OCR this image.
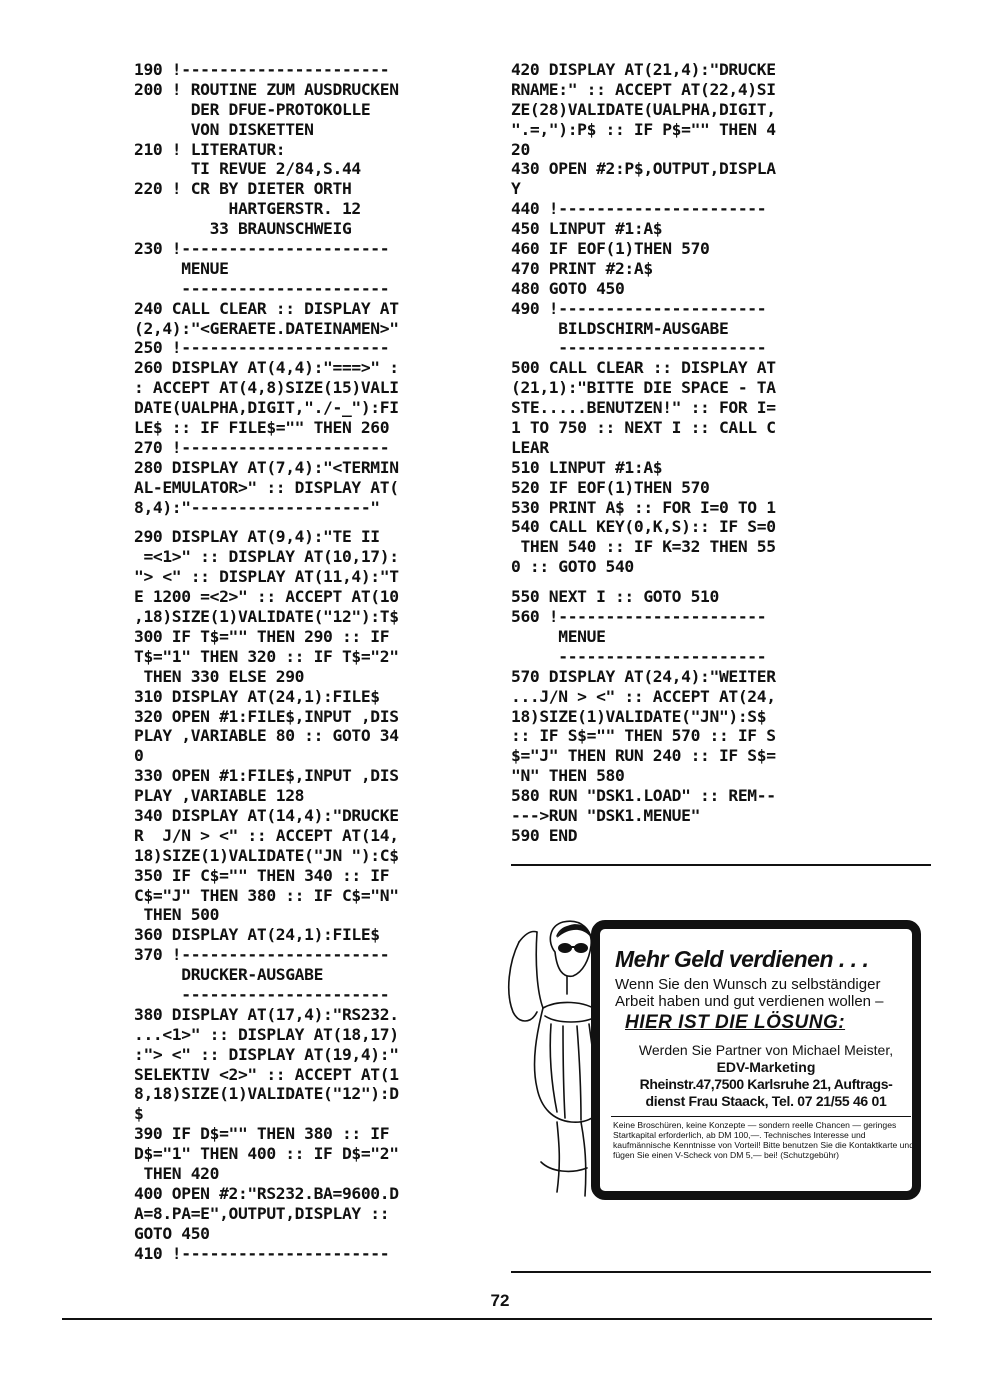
190 !----------------------
200 ! ROUTINE ZUM AUSDRUCKEN
DER DFUE-PROTOKOLLE
VON DISKETTEN
210 ! LITERATUR:
TI REVUE 2/84,S.44
220 ! CR BY DIETER ORTH
HARTGERSTR. 12
33 BRAUNSCHWEIG
230 !----------------------
MENUE
----------------------
240 CALL CLEAR :: DISPLAY AT
(2,4):"<GERAETE.DATEINAMEN>"
250 !----------------------
260 DISPLAY AT(4,4):"===>" :
: ACCEPT AT(4,8)SIZE(15)VALI
DATE(UALPHA,DIGIT,"./-_"):FI
LE$ :: IF FILE$="" THEN 260
270 !----------------------
280 DISPLAY AT(7,4):"<TERMIN
AL-EMULATOR>" :: DISPLAY AT(
8,4):"-------------------"
290 DISPLAY AT(9,4):"TE II
=<1>" :: DISPLAY AT(10,17):
"> <" :: DISPLAY AT(11,4):"T
E 1200 =<2>" :: ACCEPT AT(10
,18)SIZE(1)VALIDATE("12"):T$
300 IF T$="" THEN 290 :: IF
T$="1" THEN 320 :: IF T$="2"
THEN 330 ELSE 290
310 DISPLAY AT(24,1):FILE$
320 OPEN #1:FILE$,INPUT ,DIS
PLAY ,VARIABLE 80 :: GOTO 34
0
330 OPEN #1:FILE$,INPUT ,DIS
PLAY ,VARIABLE 128
340 DISPLAY AT(14,4):"DRUCKE
R  J/N > <" :: ACCEPT AT(14,
18)SIZE(1)VALIDATE("JN "):C$
350 IF C$="" THEN 340 :: IF
C$="J" THEN 380 :: IF C$="N"
THEN 500
360 DISPLAY AT(24,1):FILE$
370 !----------------------
DRUCKER-AUSGABE
----------------------
380 DISPLAY AT(17,4):"RS232.
...<1>" :: DISPLAY AT(18,17)
:"> <" :: DISPLAY AT(19,4):"
SELEKTIV <2>" :: ACCEPT AT(1
8,18)SIZE(1)VALIDATE("12"):D
$
390 IF D$="" THEN 380 :: IF
D$="1" THEN 400 :: IF D$="2"
THEN 420
400 OPEN #2:"RS232.BA=9600.D
A=8.PA=E",OUTPUT,DISPLAY ::
GOTO 450
410 !----------------------
420 DISPLAY AT(21,4):"DRUCKE
RNAME:" :: ACCEPT AT(22,4)SI
ZE(28)VALIDATE(UALPHA,DIGIT,
".=,"):P$ :: IF P$="" THEN 4
20
430 OPEN #2:P$,OUTPUT,DISPLA
Y
440 !----------------------
450 LINPUT #1:A$
460 IF EOF(1)THEN 570
470 PRINT #2:A$
480 GOTO 450
490 !----------------------
BILDSCHIRM-AUSGABE
----------------------
500 CALL CLEAR :: DISPLAY AT
(21,1):"BITTE DIE SPACE - TA
STE.....BENUTZEN!" :: FOR I=
1 TO 750 :: NEXT I :: CALL C
LEAR
510 LINPUT #1:A$
520 IF EOF(1)THEN 570
530 PRINT A$ :: FOR I=0 TO 1
540 CALL KEY(0,K,S):: IF S=0
THEN 540 :: IF K=32 THEN 55
0 :: GOTO 540
550 NEXT I :: GOTO 510
560 !----------------------
MENUE
----------------------
570 DISPLAY AT(24,4):"WEITER
...J/N > <" :: ACCEPT AT(24,
18)SIZE(1)VALIDATE("JN"):S$
:: IF S$="" THEN 570 :: IF S
$="J" THEN RUN 240 :: IF S$=
"N" THEN 580
580 RUN "DSK1.LOAD" :: REM--
--->RUN "DSK1.MENUE"
590 END
Mehr Geld verdienen . . .
Wenn Sie den Wunsch zu selbständiger Arbeit haben und gut verdienen wollen –
HIER IST DIE LÖSUNG:
Werden Sie Partner von Michael Meister,
EDV-Marketing
Rheinstr.47,7500 Karlsruhe 21, Auftrags-
dienst Frau Staack, Tel. 07 21/55 46 01
Keine Broschüren, keine Konzepte — sondern reelle Chancen — geringes Startkapital erforderlich, ab DM 100,—. Technisches Interesse und kaufmännische Kenntnisse von Vorteil! Bitte benutzen Sie die Kontaktkarte und fügen Sie einen V-Scheck von DM 5,— bei! (Schutzgebühr)
72
